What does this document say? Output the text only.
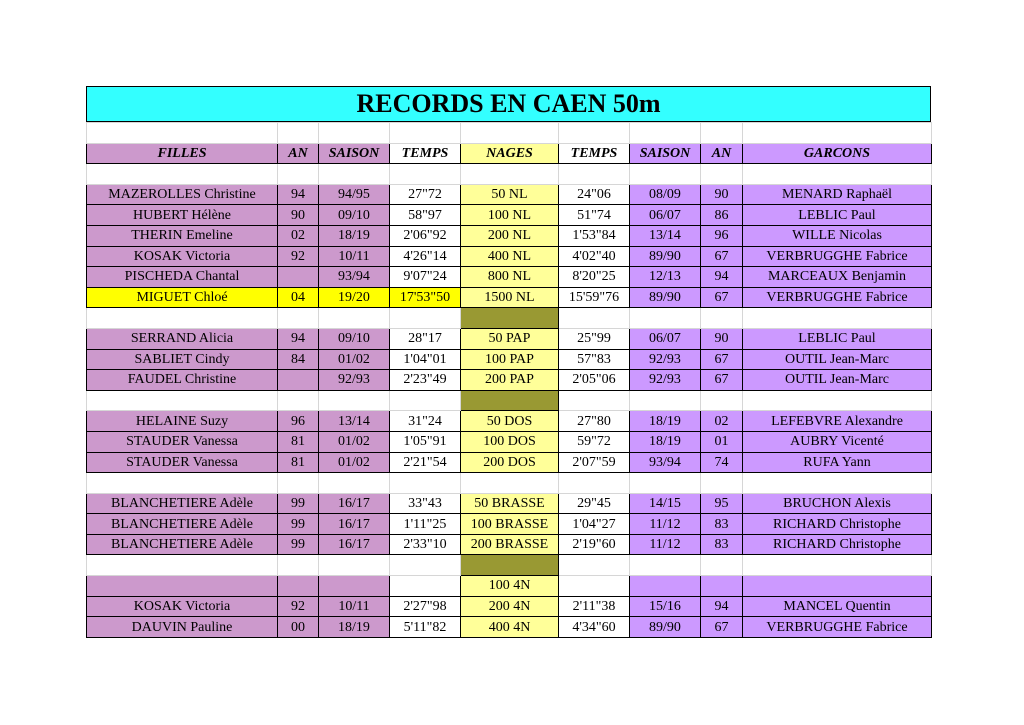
RECORDS EN CAEN 50m

FILLES	AN	SAISON	TEMPS	NAGES	TEMPS	SAISON	AN	GARCONS

MAZEROLLES Christine	94	94/95	27"72	50 NL	24"06	08/09	90	MENARD Raphaël
HUBERT Hélène	90	09/10	58"97	100 NL	51"74	06/07	86	LEBLIC Paul
THERIN Emeline	02	18/19	2'06"92	200 NL	1'53"84	13/14	96	WILLE Nicolas
KOSAK Victoria	92	10/11	4'26"14	400 NL	4'02"40	89/90	67	VERBRUGGHE Fabrice
PISCHEDA Chantal		93/94	9'07"24	800 NL	8'20"25	12/13	94	MARCEAUX Benjamin
MIGUET Chloé	04	19/20	17'53"50	1500 NL	15'59"76	89/90	67	VERBRUGGHE Fabrice

SERRAND Alicia	94	09/10	28"17	50 PAP	25"99	06/07	90	LEBLIC Paul
SABLIET Cindy	84	01/02	1'04"01	100 PAP	57"83	92/93	67	OUTIL Jean-Marc
FAUDEL Christine		92/93	2'23"49	200 PAP	2'05"06	92/93	67	OUTIL Jean-Marc

HELAINE Suzy	96	13/14	31"24	50 DOS	27"80	18/19	02	LEFEBVRE Alexandre
STAUDER Vanessa	81	01/02	1'05"91	100 DOS	59"72	18/19	01	AUBRY Vicenté
STAUDER Vanessa	81	01/02	2'21"54	200 DOS	2'07"59	93/94	74	RUFA Yann

BLANCHETIERE Adèle	99	16/17	33"43	50 BRASSE	29"45	14/15	95	BRUCHON Alexis
BLANCHETIERE Adèle	99	16/17	1'11"25	100 BRASSE	1'04"27	11/12	83	RICHARD Christophe
BLANCHETIERE Adèle	99	16/17	2'33"10	200 BRASSE	2'19"60	11/12	83	RICHARD Christophe

				100 4N				
KOSAK Victoria	92	10/11	2'27"98	200 4N	2'11"38	15/16	94	MANCEL Quentin
DAUVIN Pauline	00	18/19	5'11"82	400 4N	4'34"60	89/90	67	VERBRUGGHE Fabrice
